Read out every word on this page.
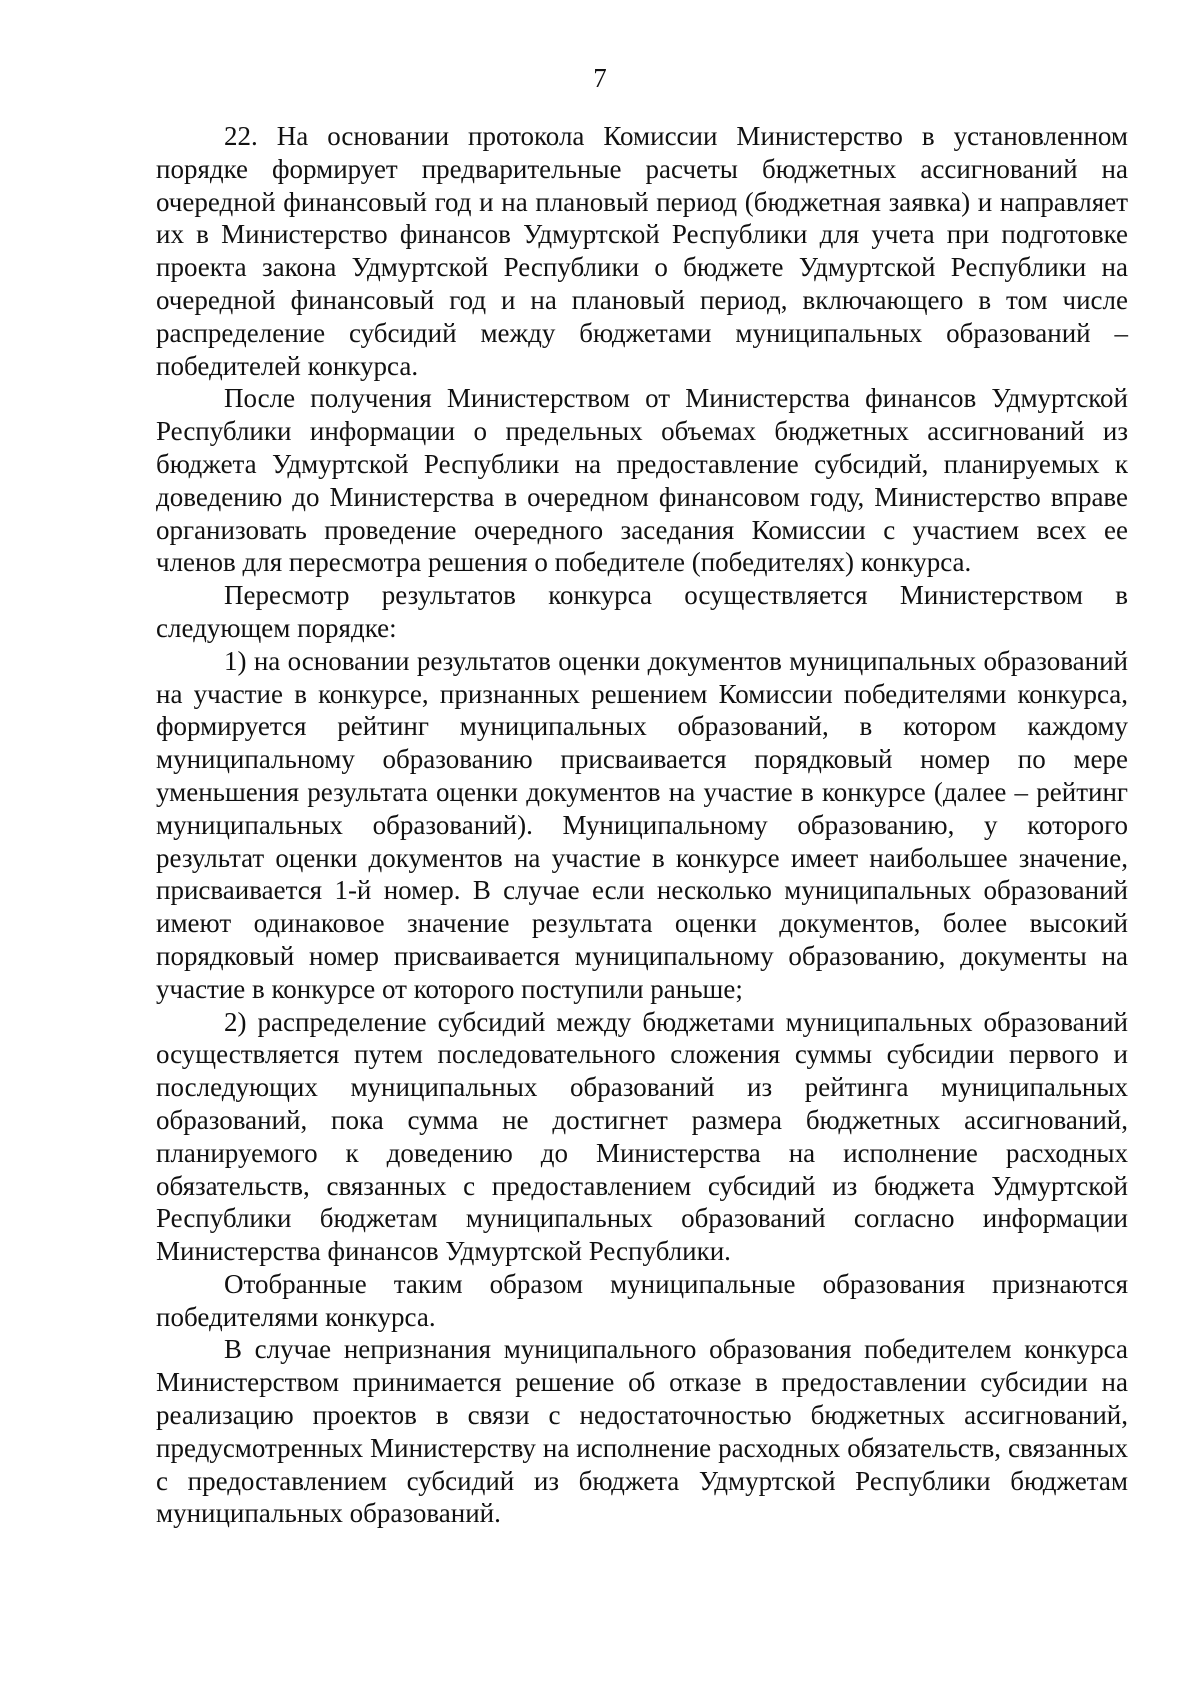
7

22. На основании протокола Комиссии Министерство в установленном порядке формирует предварительные расчеты бюджетных ассигнований на очередной финансовый год и на плановый период (бюджетная заявка) и направляет их в Министерство финансов Удмуртской Республики для учета при подготовке проекта закона Удмуртской Республики о бюджете Удмуртской Республики на очередной финансовый год и на плановый период, включающего в том числе распределение субсидий между бюджетами муниципальных образований – победителей конкурса.

После получения Министерством от Министерства финансов Удмуртской Республики информации о предельных объемах бюджетных ассигнований из бюджета Удмуртской Республики на предоставление субсидий, планируемых к доведению до Министерства в очередном финансовом году, Министерство вправе организовать проведение очередного заседания Комиссии с участием всех ее членов для пересмотра решения о победителе (победителях) конкурса.

Пересмотр результатов конкурса осуществляется Министерством в следующем порядке:

1) на основании результатов оценки документов муниципальных образований на участие в конкурсе, признанных решением Комиссии победителями конкурса, формируется рейтинг муниципальных образований, в котором каждому муниципальному образованию присваивается порядковый номер по мере уменьшения результата оценки документов на участие в конкурсе (далее – рейтинг муниципальных образований). Муниципальному образованию, у которого результат оценки документов на участие в конкурсе имеет наибольшее значение, присваивается 1-й номер. В случае если несколько муниципальных образований имеют одинаковое значение результата оценки документов, более высокий порядковый номер присваивается муниципальному образованию, документы на участие в конкурсе от которого поступили раньше;

2) распределение субсидий между бюджетами муниципальных образований осуществляется путем последовательного сложения суммы субсидии первого и последующих муниципальных образований из рейтинга муниципальных образований, пока сумма не достигнет размера бюджетных ассигнований, планируемого к доведению до Министерства на исполнение расходных обязательств, связанных с предоставлением субсидий из бюджета Удмуртской Республики бюджетам муниципальных образований согласно информации Министерства финансов Удмуртской Республики.

Отобранные таким образом муниципальные образования признаются победителями конкурса.

В случае непризнания муниципального образования победителем конкурса Министерством принимается решение об отказе в предоставлении субсидии на реализацию проектов в связи с недостаточностью бюджетных ассигнований, предусмотренных Министерству на исполнение расходных обязательств, связанных с предоставлением субсидий из бюджета Удмуртской Республики бюджетам муниципальных образований.
